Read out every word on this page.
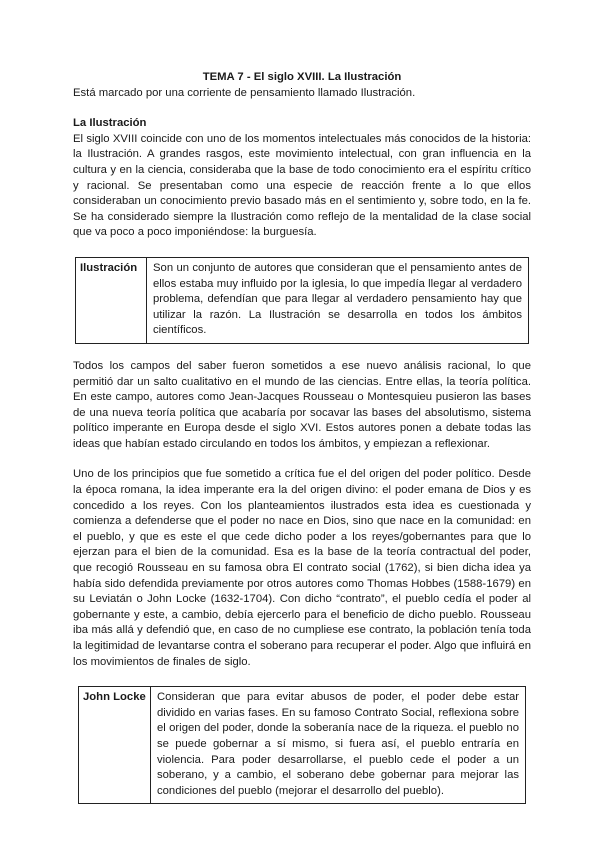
TEMA 7 - El siglo XVIII. La Ilustración

Está marcado por una corriente de pensamiento llamado Ilustración.

La Ilustración

El siglo XVIII coincide con uno de los momentos intelectuales más conocidos de la historia: la Ilustración. A grandes rasgos, este movimiento intelectual, con gran influencia en la cultura y en la ciencia, consideraba que la base de todo conocimiento era el espíritu crítico y racional. Se presentaban como una especie de reacción frente a lo que ellos consideraban un conocimiento previo basado más en el sentimiento y, sobre todo, en la fe. Se ha considerado siempre la Ilustración como reflejo de la mentalidad de la clase social que va poco a poco imponiéndose: la burguesía.

Ilustración	Son un conjunto de autores que consideran que el pensamiento antes de ellos estaba muy influido por la iglesia, lo que impedía llegar al verdadero problema, defendían que para llegar al verdadero pensamiento hay que utilizar la razón. La Ilustración se desarrolla en todos los ámbitos científicos.

Todos los campos del saber fueron sometidos a ese nuevo análisis racional, lo que permitió dar un salto cualitativo en el mundo de las ciencias. Entre ellas, la teoría política. En este campo, autores como Jean-Jacques Rousseau o Montesquieu pusieron las bases de una nueva teoría política que acabaría por socavar las bases del absolutismo, sistema político imperante en Europa desde el siglo XVI. Estos autores ponen a debate todas las ideas que habían estado circulando en todos los ámbitos, y empiezan a reflexionar.

Uno de los principios que fue sometido a crítica fue el del origen del poder político. Desde la época romana, la idea imperante era la del origen divino: el poder emana de Dios y es concedido a los reyes. Con los planteamientos ilustrados esta idea es cuestionada y comienza a defenderse que el poder no nace en Dios, sino que nace en la comunidad: en el pueblo, y que es este el que cede dicho poder a los reyes/gobernantes para que lo ejerzan para el bien de la comunidad. Esa es la base de la teoría contractual del poder, que recogió Rousseau en su famosa obra El contrato social (1762), si bien dicha idea ya había sido defendida previamente por otros autores como Thomas Hobbes (1588-1679) en su Leviatán o John Locke (1632-1704). Con dicho “contrato”, el pueblo cedía el poder al gobernante y este, a cambio, debía ejercerlo para el beneficio de dicho pueblo. Rousseau iba más allá y defendió que, en caso de no cumpliese ese contrato, la población tenía toda la legitimidad de levantarse contra el soberano para recuperar el poder. Algo que influirá en los movimientos de finales de siglo.

John Locke Consideran que para evitar abusos de poder, el poder debe estar dividido en varias fases. En su famoso Contrato Social, reflexiona sobre el origen del poder, donde la soberanía nace de la riqueza. el pueblo no se puede gobernar a sí mismo, si fuera así, el pueblo entraría en violencia. Para poder desarrollarse, el pueblo cede el poder a un soberano, y a cambio, el soberano debe gobernar para mejorar las condiciones del pueblo (mejorar el desarrollo del pueblo).
